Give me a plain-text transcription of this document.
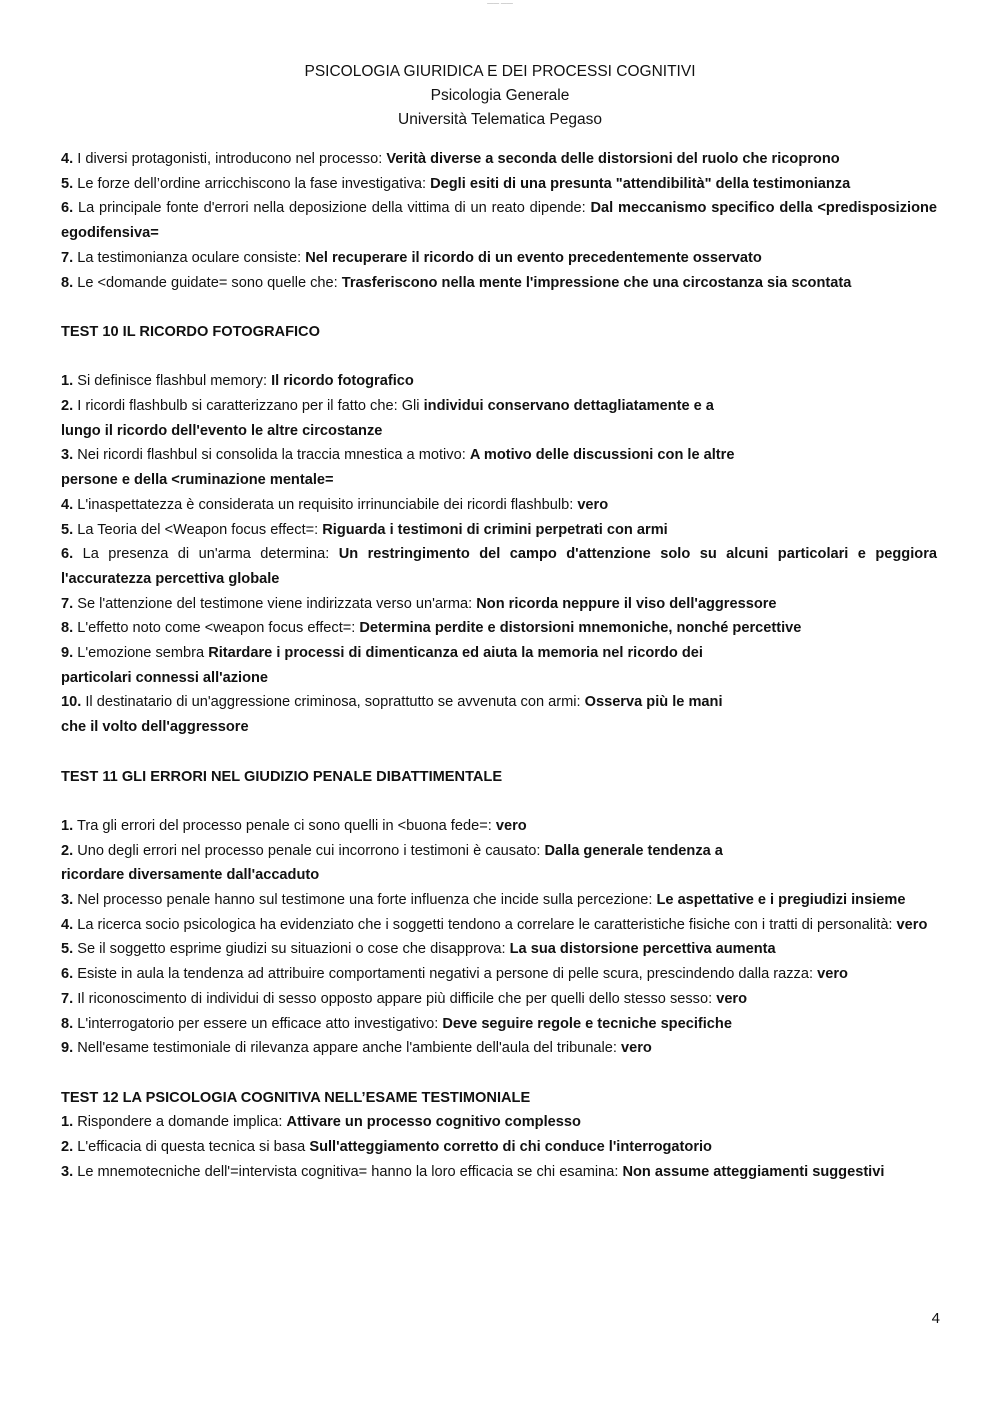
—— ——
PSICOLOGIA GIURIDICA E DEI PROCESSI COGNITIVI
Psicologia Generale
Università Telematica Pegaso

4. I diversi protagonisti, introducono nel processo: Verità diverse a seconda delle distorsioni del ruolo che ricoprono

5. Le forze dell’ordine arricchiscono la fase investigativa: Degli esiti di una presunta "attendibilità" della testimonianza

6. La principale fonte d'errori nella deposizione della vittima di un reato dipende: Dal meccanismo specifico della <predisposizione egodifensiva=

7. La testimonianza oculare consiste: Nel recuperare il ricordo di un evento precedentemente osservato

8. Le <domande guidate= sono quelle che: Trasferiscono nella mente l'impressione che una circostanza sia scontata

TEST 10 IL RICORDO FOTOGRAFICO

1. Si definisce flashbul memory: Il ricordo fotografico

2. I ricordi flashbulb si caratterizzano per il fatto che: Gli individui conservano dettagliatamente e a
lungo il ricordo dell'evento le altre circostanze

3. Nei ricordi flashbul si consolida la traccia mnestica a motivo: A motivo delle discussioni con le altre
persone e della <ruminazione mentale=

4. L'inaspettatezza è considerata un requisito irrinunciabile dei ricordi flashbulb: vero

5. La Teoria del <Weapon focus effect=: Riguarda i testimoni di crimini perpetrati con armi

6. La presenza di un'arma determina: Un restringimento del campo d'attenzione solo su alcuni particolari e peggiora l'accuratezza percettiva globale

7. Se l'attenzione del testimone viene indirizzata verso un'arma: Non ricorda neppure il viso dell'aggressore

8. L'effetto noto come <weapon focus effect=: Determina perdite e distorsioni mnemoniche, nonché percettive

9. L'emozione sembra Ritardare i processi di dimenticanza ed aiuta la memoria nel ricordo dei
particolari connessi all'azione

10. Il destinatario di un'aggressione criminosa, soprattutto se avvenuta con armi: Osserva più le mani
che il volto dell'aggressore

TEST 11 GLI ERRORI NEL GIUDIZIO PENALE DIBATTIMENTALE

1. Tra gli errori del processo penale ci sono quelli in <buona fede=: vero

2. Uno degli errori nel processo penale cui incorrono i testimoni è causato: Dalla generale tendenza a
ricordare diversamente dall'accaduto

3. Nel processo penale hanno sul testimone una forte influenza che incide sulla percezione: Le aspettative e i pregiudizi insieme

4. La ricerca socio psicologica ha evidenziato che i soggetti tendono a correlare le caratteristiche fisiche con i tratti di personalità: vero

5. Se il soggetto esprime giudizi su situazioni o cose che disapprova: La sua distorsione percettiva aumenta

6. Esiste in aula la tendenza ad attribuire comportamenti negativi a persone di pelle scura, prescindendo dalla razza: vero

7. Il riconoscimento di individui di sesso opposto appare più difficile che per quelli dello stesso sesso: vero

8. L'interrogatorio per essere un efficace atto investigativo: Deve seguire regole e tecniche specifiche

9. Nell'esame testimoniale di rilevanza appare anche l'ambiente dell'aula del tribunale: vero

TEST 12 LA PSICOLOGIA COGNITIVA NELL’ESAME TESTIMONIALE

1. Rispondere a domande implica: Attivare un processo cognitivo complesso

2. L'efficacia di questa tecnica si basa Sull'atteggiamento corretto di chi conduce l'interrogatorio

3. Le mnemotecniche dell'=intervista cognitiva= hanno la loro efficacia se chi esamina: Non assume atteggiamenti suggestivi

4
